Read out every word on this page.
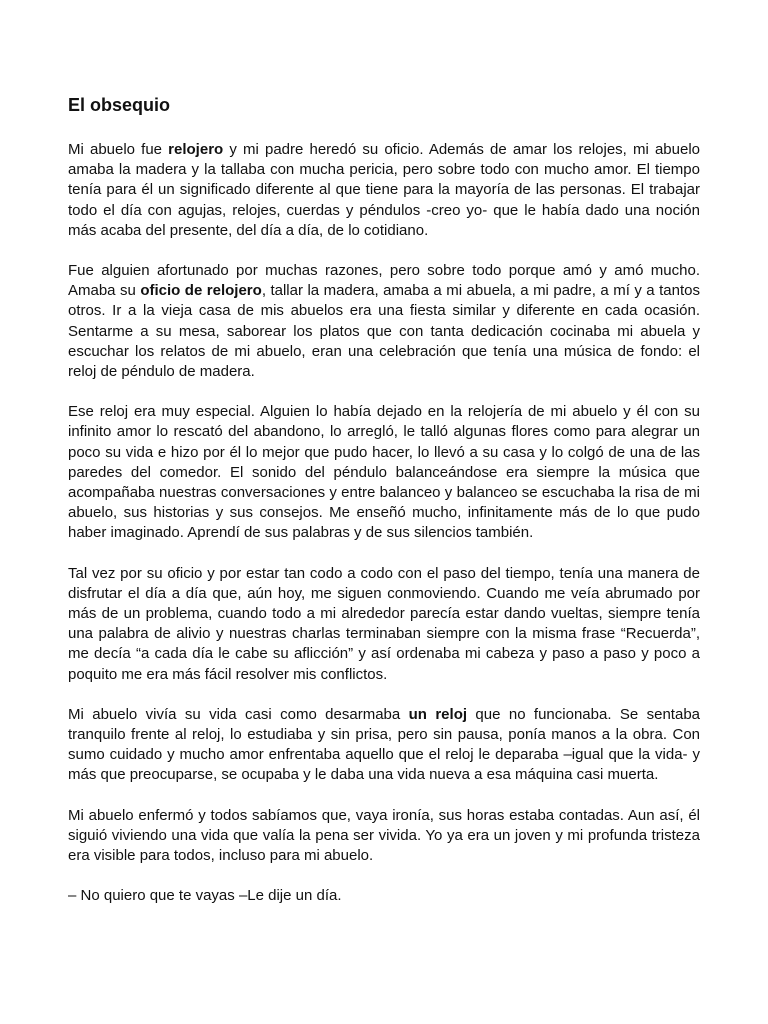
El obsequio

Mi abuelo fue relojero y mi padre heredó su oficio. Además de amar los relojes, mi abuelo amaba la madera y la tallaba con mucha pericia, pero sobre todo con mucho amor. El tiempo tenía para él un significado diferente al que tiene para la mayoría de las personas. El trabajar todo el día con agujas, relojes, cuerdas y péndulos -creo yo- que le había dado una noción más acaba del presente, del día a día, de lo cotidiano.

Fue alguien afortunado por muchas razones, pero sobre todo porque amó y amó mucho. Amaba su oficio de relojero, tallar la madera, amaba a mi abuela, a mi padre, a mí y a tantos otros. Ir a la vieja casa de mis abuelos era una fiesta similar y diferente en cada ocasión. Sentarme a su mesa, saborear los platos que con tanta dedicación cocinaba mi abuela y escuchar los relatos de mi abuelo, eran una celebración que tenía una música de fondo: el reloj de péndulo de madera.

Ese reloj era muy especial. Alguien lo había dejado en la relojería de mi abuelo y él con su infinito amor lo rescató del abandono, lo arregló, le talló algunas flores como para alegrar un poco su vida e hizo por él lo mejor que pudo hacer, lo llevó a su casa y lo colgó de una de las paredes del comedor. El sonido del péndulo balanceándose era siempre la música que acompañaba nuestras conversaciones y entre balanceo y balanceo se escuchaba la risa de mi abuelo, sus historias y sus consejos. Me enseñó mucho, infinitamente más de lo que pudo haber imaginado. Aprendí de sus palabras y de sus silencios también.

Tal vez por su oficio y por estar tan codo a codo con el paso del tiempo, tenía una manera de disfrutar el día a día que, aún hoy, me siguen conmoviendo. Cuando me veía abrumado por más de un problema, cuando todo a mi alrededor parecía estar dando vueltas, siempre tenía una palabra de alivio y nuestras charlas terminaban siempre con la misma frase “Recuerda”, me decía “a cada día le cabe su aflicción” y así ordenaba mi cabeza y paso a paso y poco a poquito me era más fácil resolver mis conflictos.

Mi abuelo vivía su vida casi como desarmaba un reloj que no funcionaba. Se sentaba tranquilo frente al reloj, lo estudiaba y sin prisa, pero sin pausa, ponía manos a la obra. Con sumo cuidado y mucho amor enfrentaba aquello que el reloj le deparaba –igual que la vida- y más que preocuparse, se ocupaba y le daba una vida nueva a esa máquina casi muerta.

Mi abuelo enfermó y todos sabíamos que, vaya ironía, sus horas estaba contadas. Aun así, él siguió viviendo una vida que valía la pena ser vivida. Yo ya era un joven y mi profunda tristeza era visible para todos, incluso para mi abuelo.

– No quiero que te vayas –Le dije un día.
